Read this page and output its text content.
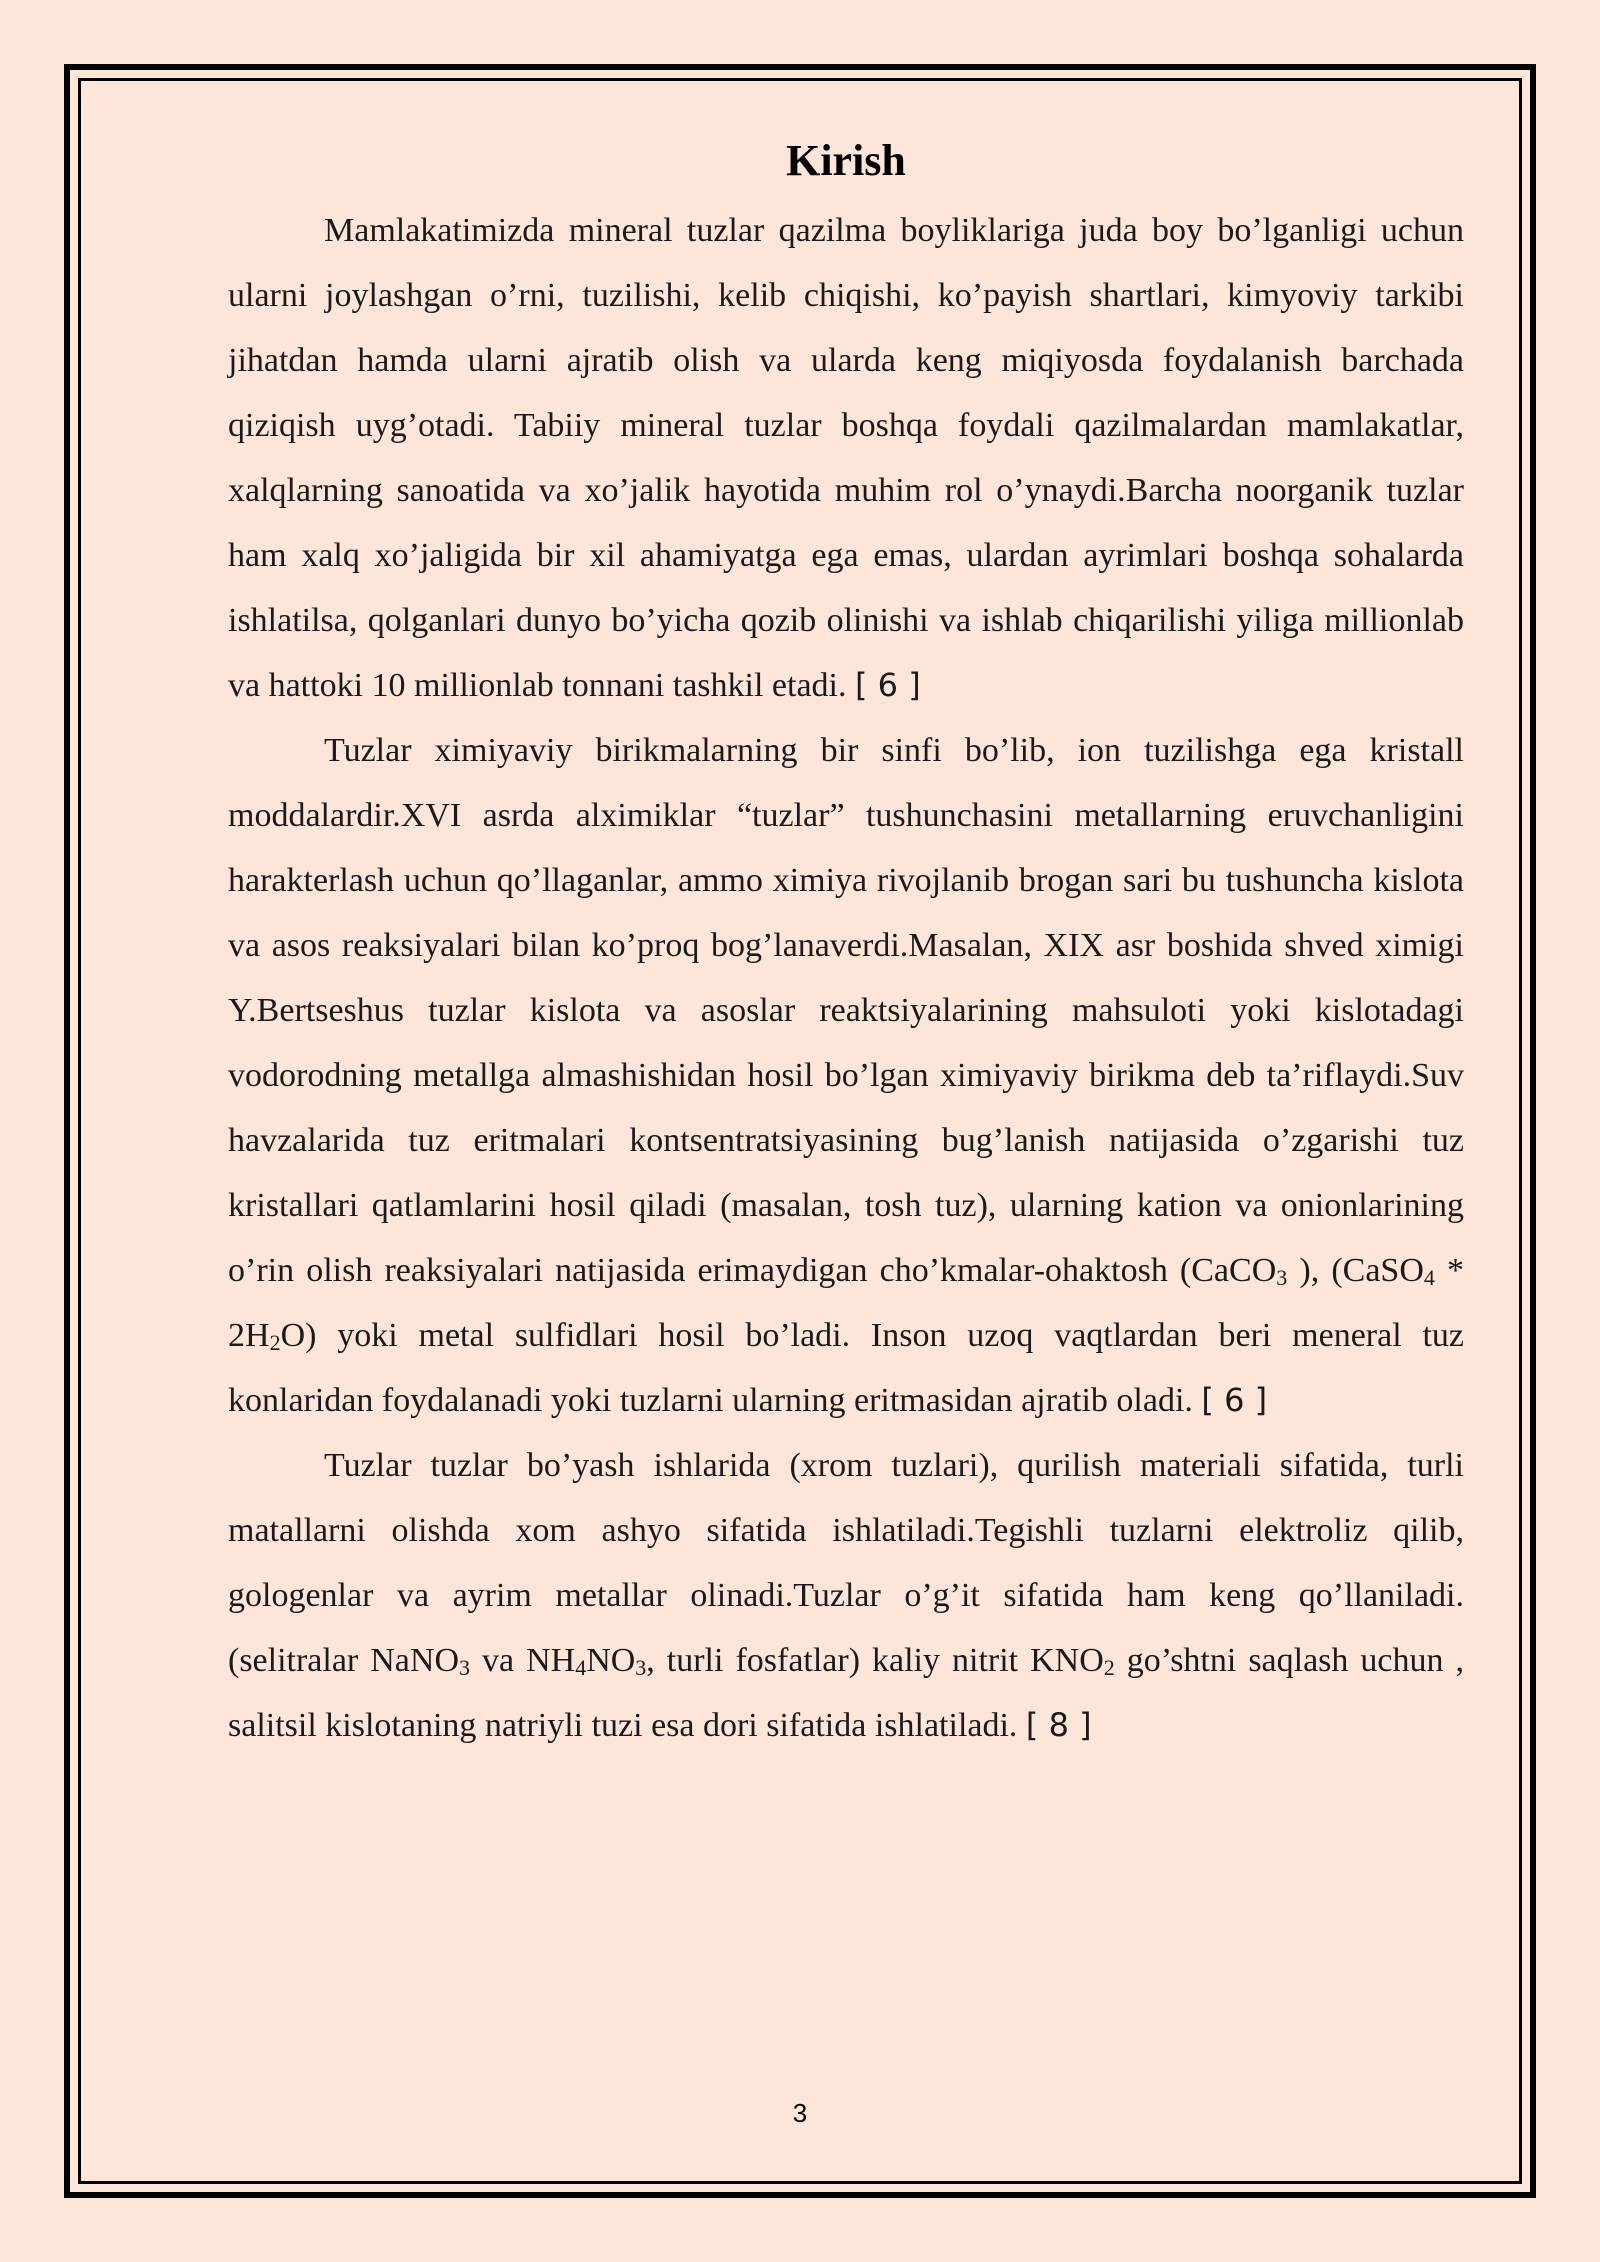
Kirish

Mamlakatimizda mineral tuzlar qazilma boyliklariga juda boy bo’lganligi uchun ularni joylashgan o’rni, tuzilishi, kelib chiqishi, ko’payish shartlari, kimyoviy tarkibi jihatdan hamda ularni ajratib olish va ularda keng miqiyosda foydalanish barchada qiziqish uyg’otadi. Tabiiy mineral tuzlar boshqa foydali qazilmalardan mamlakatlar, xalqlarning sanoatida va xo’jalik hayotida muhim rol o’ynaydi.Barcha noorganik tuzlar ham xalq xo’jaligida bir xil ahamiyatga ega emas, ulardan ayrimlari boshqa sohalarda ishlatilsa, qolganlari dunyo bo’yicha qozib olinishi va ishlab chiqarilishi yiliga millionlab va hattoki 10 millionlab tonnani tashkil etadi. [ 6 ]

Tuzlar ximiyaviy birikmalarning bir sinfi bo’lib, ion tuzilishga ega kristall moddalardir.XVI asrda alximiklar “tuzlar” tushunchasini metallarning eruvchanligini harakterlash uchun qo’llaganlar, ammo ximiya rivojlanib brogan sari bu tushuncha kislota va asos reaksiyalari bilan ko’proq bog’lanaverdi.Masalan, XIX asr boshida shved ximigi Y.Bertseshus tuzlar kislota va asoslar reaktsiyalarining mahsuloti yoki kislotadagi vodorodning metallga almashishidan hosil bo’lgan ximiyaviy birikma deb ta’riflaydi.Suv havzalarida tuz eritmalari kontsentratsiyasining bug’lanish natijasida o’zgarishi tuz kristallari qatlamlarini hosil qiladi (masalan, tosh tuz), ularning kation va onionlarining o’rin olish reaksiyalari natijasida erimaydigan cho’kmalar-ohaktosh (CaCO$_3$ ), (CaSO$_4$ * $2H_2O$) yoki metal sulfidlari hosil bo’ladi. Inson uzoq vaqtlardan beri meneral tuz konlaridan foydalanadi yoki tuzlarni ularning eritmasidan ajratib oladi. [ 6 ]

Tuzlar tuzlar bo’yash ishlarida (xrom tuzlari), qurilish materiali sifatida, turli matallarni olishda xom ashyo sifatida ishlatiladi.Tegishli tuzlarni elektroliz qilib, gologenlar va ayrim metallar olinadi.Tuzlar o’g’it sifatida ham keng qo’llaniladi. (selitralar NaNO$_3$ va $NH_4NO_3$, turli fosfatlar) kaliy nitrit $KNO_2$ go’shtni saqlash uchun , salitsil kislotaning natriyli tuzi esa dori sifatida ishlatiladi. [ 8 ]

3
